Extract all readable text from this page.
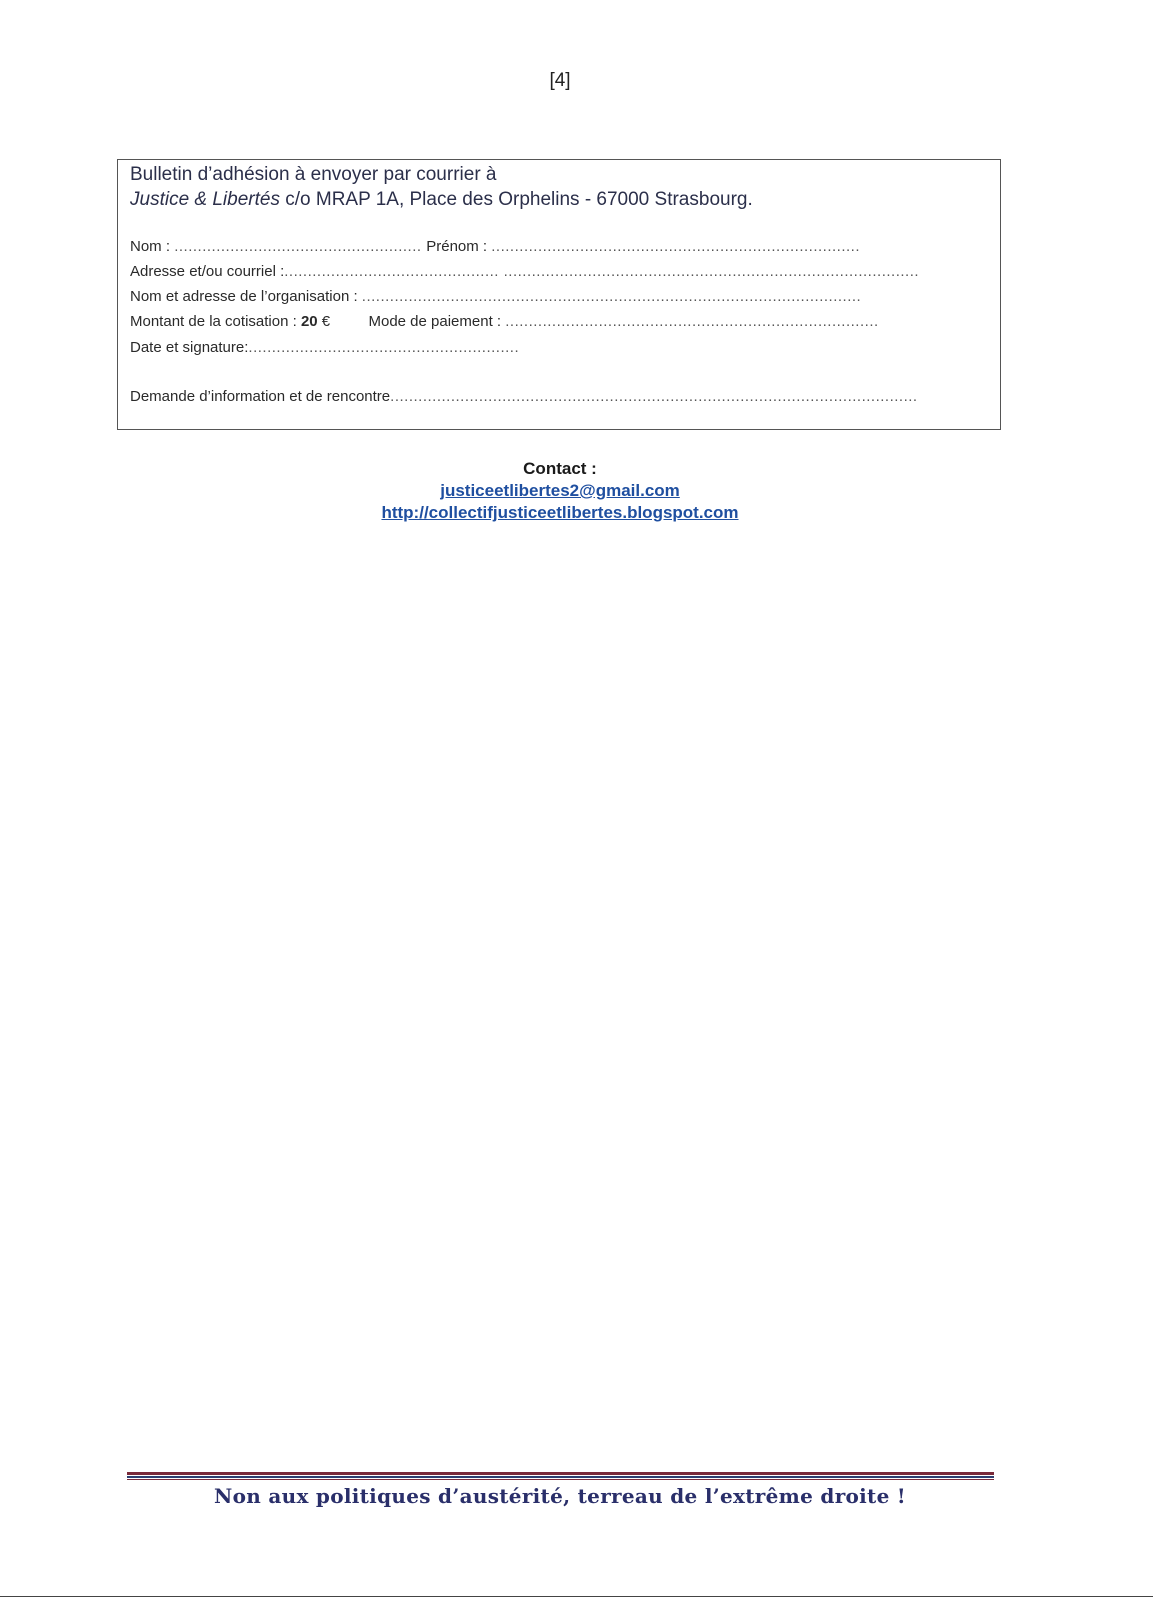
[4]
Bulletin d’adhésion à envoyer par courrier à
Justice & Libertés c/o MRAP 1A, Place des Orphelins - 67000 Strasbourg.
Nom : ..................................................... Prénom : ...............................................................................
Adresse et/ou courriel :.............................................. .........................................................................................
Nom et adresse de l’organisation : ...........................................................................................................
Montant de la cotisation : 20 €	Mode de paiement : ................................................................................
Date et signature:..........................................................
Demande d’information et de rencontre.................................................................................................................
Contact :
justiceetlibertes2@gmail.com
http://collectifjusticeetlibertes.blogspot.com
Non aux politiques d’austérité, terreau de l’extrême droite !
